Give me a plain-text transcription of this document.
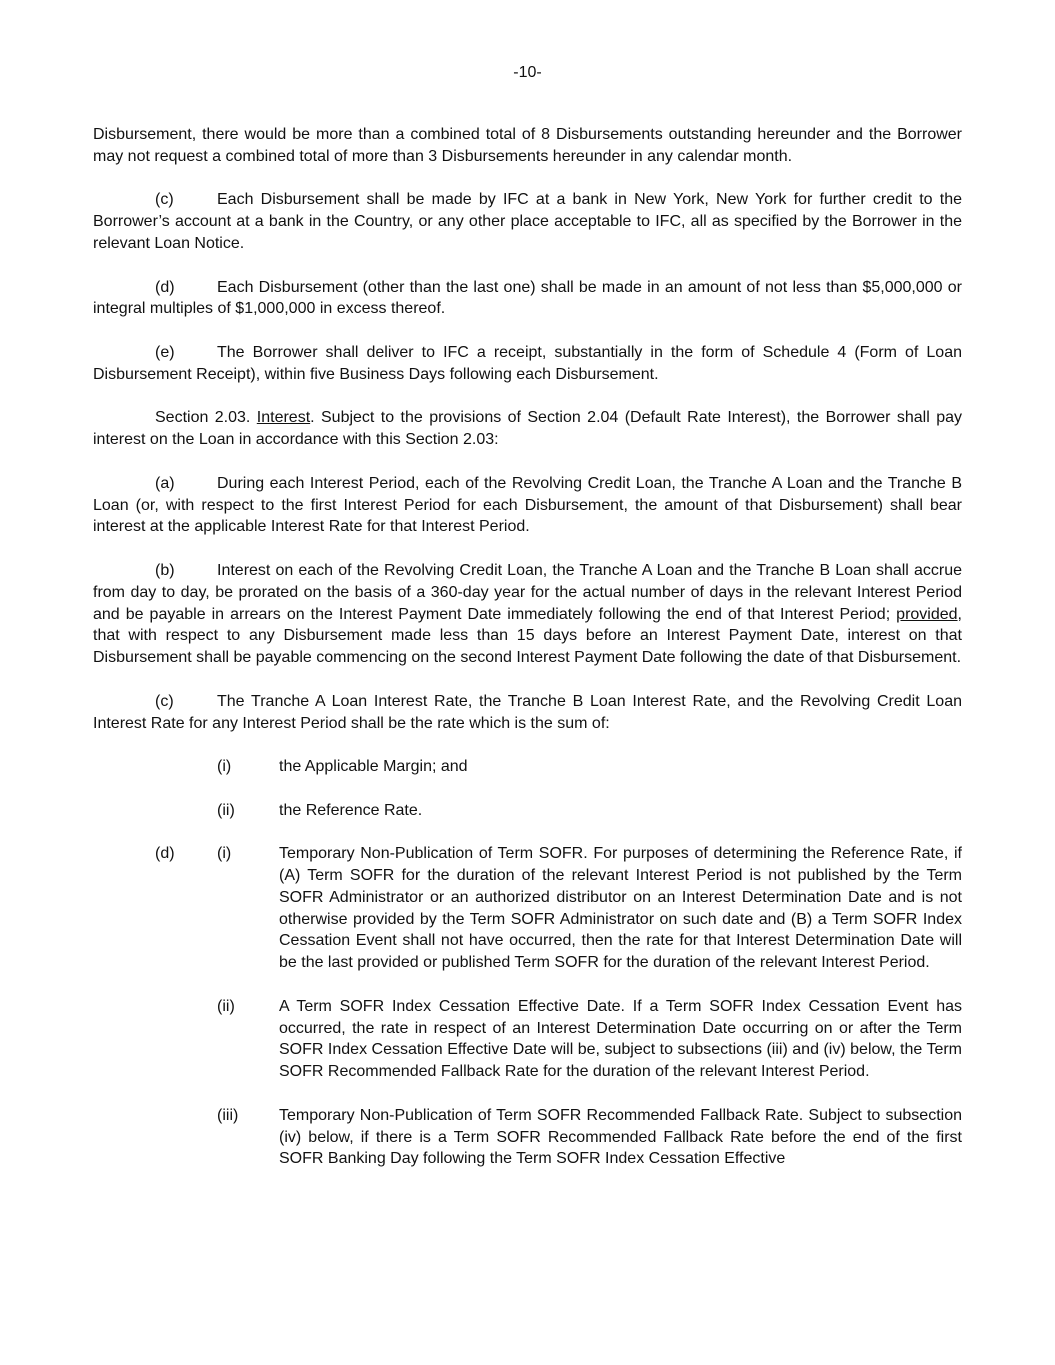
-10-

Disbursement, there would be more than a combined total of 8 Disbursements outstanding hereunder and the Borrower may not request a combined total of more than 3 Disbursements hereunder in any calendar month.

(c)	Each Disbursement shall be made by IFC at a bank in New York, New York for further credit to the Borrower’s account at a bank in the Country, or any other place acceptable to IFC, all as specified by the Borrower in the relevant Loan Notice.

(d)	Each Disbursement (other than the last one) shall be made in an amount of not less than $5,000,000 or integral multiples of $1,000,000 in excess thereof.

(e)	The Borrower shall deliver to IFC a receipt, substantially in the form of Schedule 4 (Form of Loan Disbursement Receipt), within five Business Days following each Disbursement.

Section 2.03. Interest. Subject to the provisions of Section 2.04 (Default Rate Interest), the Borrower shall pay interest on the Loan in accordance with this Section 2.03:

(a)	During each Interest Period, each of the Revolving Credit Loan, the Tranche A Loan and the Tranche B Loan (or, with respect to the first Interest Period for each Disbursement, the amount of that Disbursement) shall bear interest at the applicable Interest Rate for that Interest Period.

(b)	Interest on each of the Revolving Credit Loan, the Tranche A Loan and the Tranche B Loan shall accrue from day to day, be prorated on the basis of a 360-day year for the actual number of days in the relevant Interest Period and be payable in arrears on the Interest Payment Date immediately following the end of that Interest Period; provided, that with respect to any Disbursement made less than 15 days before an Interest Payment Date, interest on that Disbursement shall be payable commencing on the second Interest Payment Date following the date of that Disbursement.

(c)	The Tranche A Loan Interest Rate, the Tranche B Loan Interest Rate, and the Revolving Credit Loan Interest Rate for any Interest Period shall be the rate which is the sum of:

(i)	the Applicable Margin; and
(ii)	the Reference Rate.
(d)	(i)	Temporary Non-Publication of Term SOFR. For purposes of determining the Reference Rate, if (A) Term SOFR for the duration of the relevant Interest Period is not published by the Term SOFR Administrator or an authorized distributor on an Interest Determination Date and is not otherwise provided by the Term SOFR Administrator on such date and (B) a Term SOFR Index Cessation Event shall not have occurred, then the rate for that Interest Determination Date will be the last provided or published Term SOFR for the duration of the relevant Interest Period.
(ii)	A Term SOFR Index Cessation Effective Date. If a Term SOFR Index Cessation Event has occurred, the rate in respect of an Interest Determination Date occurring on or after the Term SOFR Index Cessation Effective Date will be, subject to subsections (iii) and (iv) below, the Term SOFR Recommended Fallback Rate for the duration of the relevant Interest Period.
(iii)	Temporary Non-Publication of Term SOFR Recommended Fallback Rate. Subject to subsection (iv) below, if there is a Term SOFR Recommended Fallback Rate before the end of the first SOFR Banking Day following the Term SOFR Index Cessation Effective
